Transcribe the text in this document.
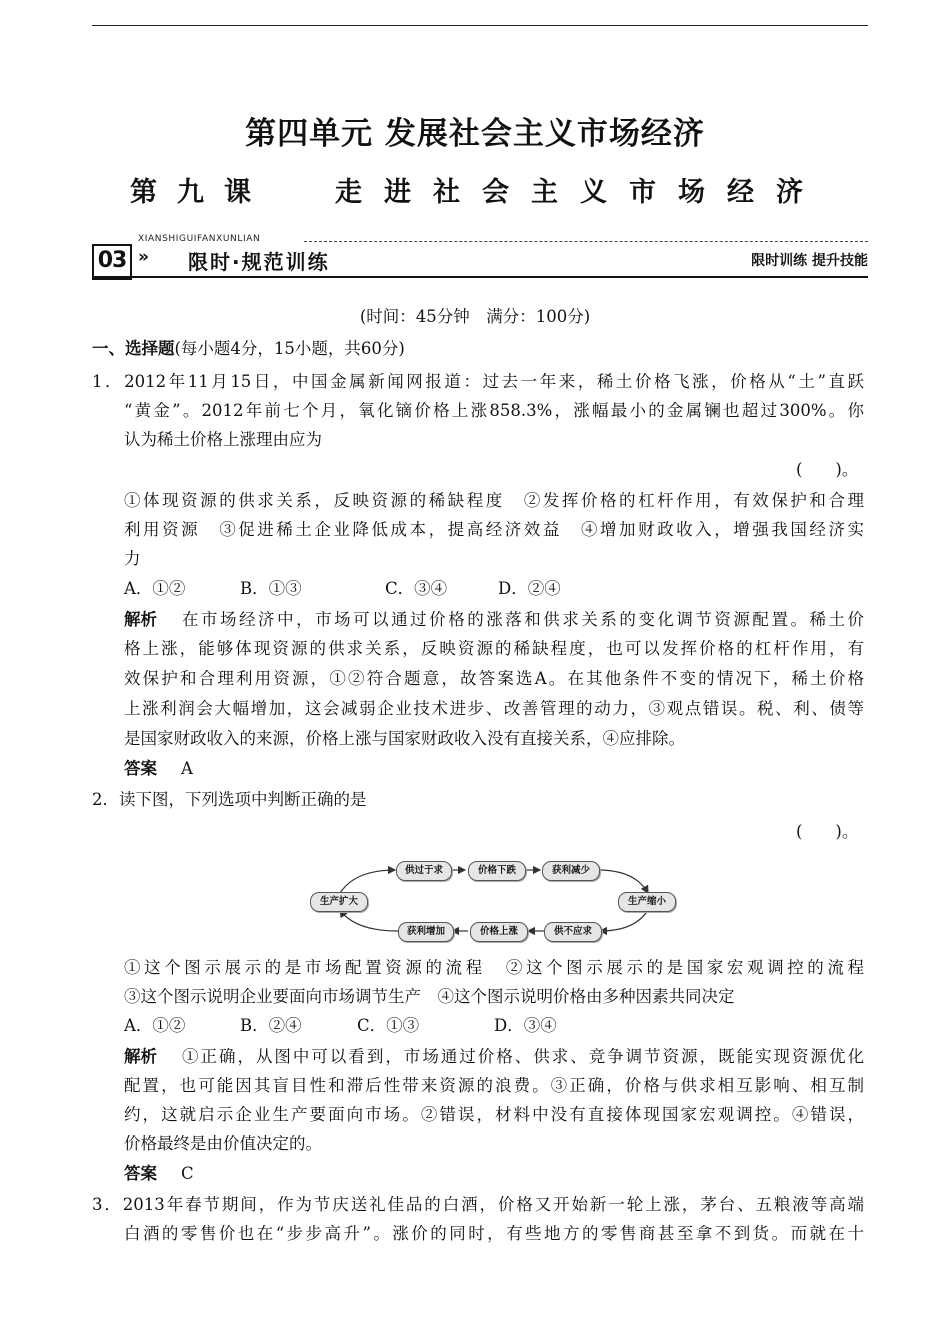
第四单元 发展社会主义市场经济
第九课 走进社会主义市场经济
03
XIANSHIGUIFANXUNLIAN
» 限时·规范训练	限时训练 提升技能
(时间：45分钟　满分：100分)
一、选择题(每小题4分，15小题，共60分)
1．2012年11月15日，中国金属新闻网报道：过去一年来，稀土价格飞涨，价格从“土”直跃
“黄金”。2012年前七个月，氧化镝价格上涨858.3%，涨幅最小的金属镧也超过300%。你
认为稀土价格上涨理由应为
(　　)。
①体现资源的供求关系，反映资源的稀缺程度　②发挥价格的杠杆作用，有效保护和合理
利用资源　③促进稀土企业降低成本，提高经济效益　④增加财政收入，增强我国经济实
力
A．①②	B．①③	C．③④	D．②④
解析 在市场经济中，市场可以通过价格的涨落和供求关系的变化调节资源配置。稀土价
格上涨，能够体现资源的供求关系，反映资源的稀缺程度，也可以发挥价格的杠杆作用，有
效保护和合理利用资源，①②符合题意，故答案选A。在其他条件不变的情况下，稀土价格
上涨利润会大幅增加，这会减弱企业技术进步、改善管理的动力，③观点错误。税、利、债等
是国家财政收入的来源，价格上涨与国家财政收入没有直接关系，④应排除。
答案 A
2．读下图，下列选项中判断正确的是
(　　)。
生产扩大	生产缩小
供过于求	价格下跌	获利减少
获利增加	价格上涨	供不应求
①这个图示展示的是市场配置资源的流程　②这个图示展示的是国家宏观调控的流程
③这个图示说明企业要面向市场调节生产　④这个图示说明价格由多种因素共同决定
A．①②	B．②④	C．①③	D．③④
解析 ①正确，从图中可以看到，市场通过价格、供求、竞争调节资源，既能实现资源优化
配置，也可能因其盲目性和滞后性带来资源的浪费。③正确，价格与供求相互影响、相互制
约，这就启示企业生产要面向市场。②错误，材料中没有直接体现国家宏观调控。④错误，
价格最终是由价值决定的。
答案 C
3．2013年春节期间，作为节庆送礼佳品的白酒，价格又开始新一轮上涨，茅台、五粮液等高端
白酒的零售价也在“步步高升”。涨价的同时，有些地方的零售商甚至拿不到货。而就在十
